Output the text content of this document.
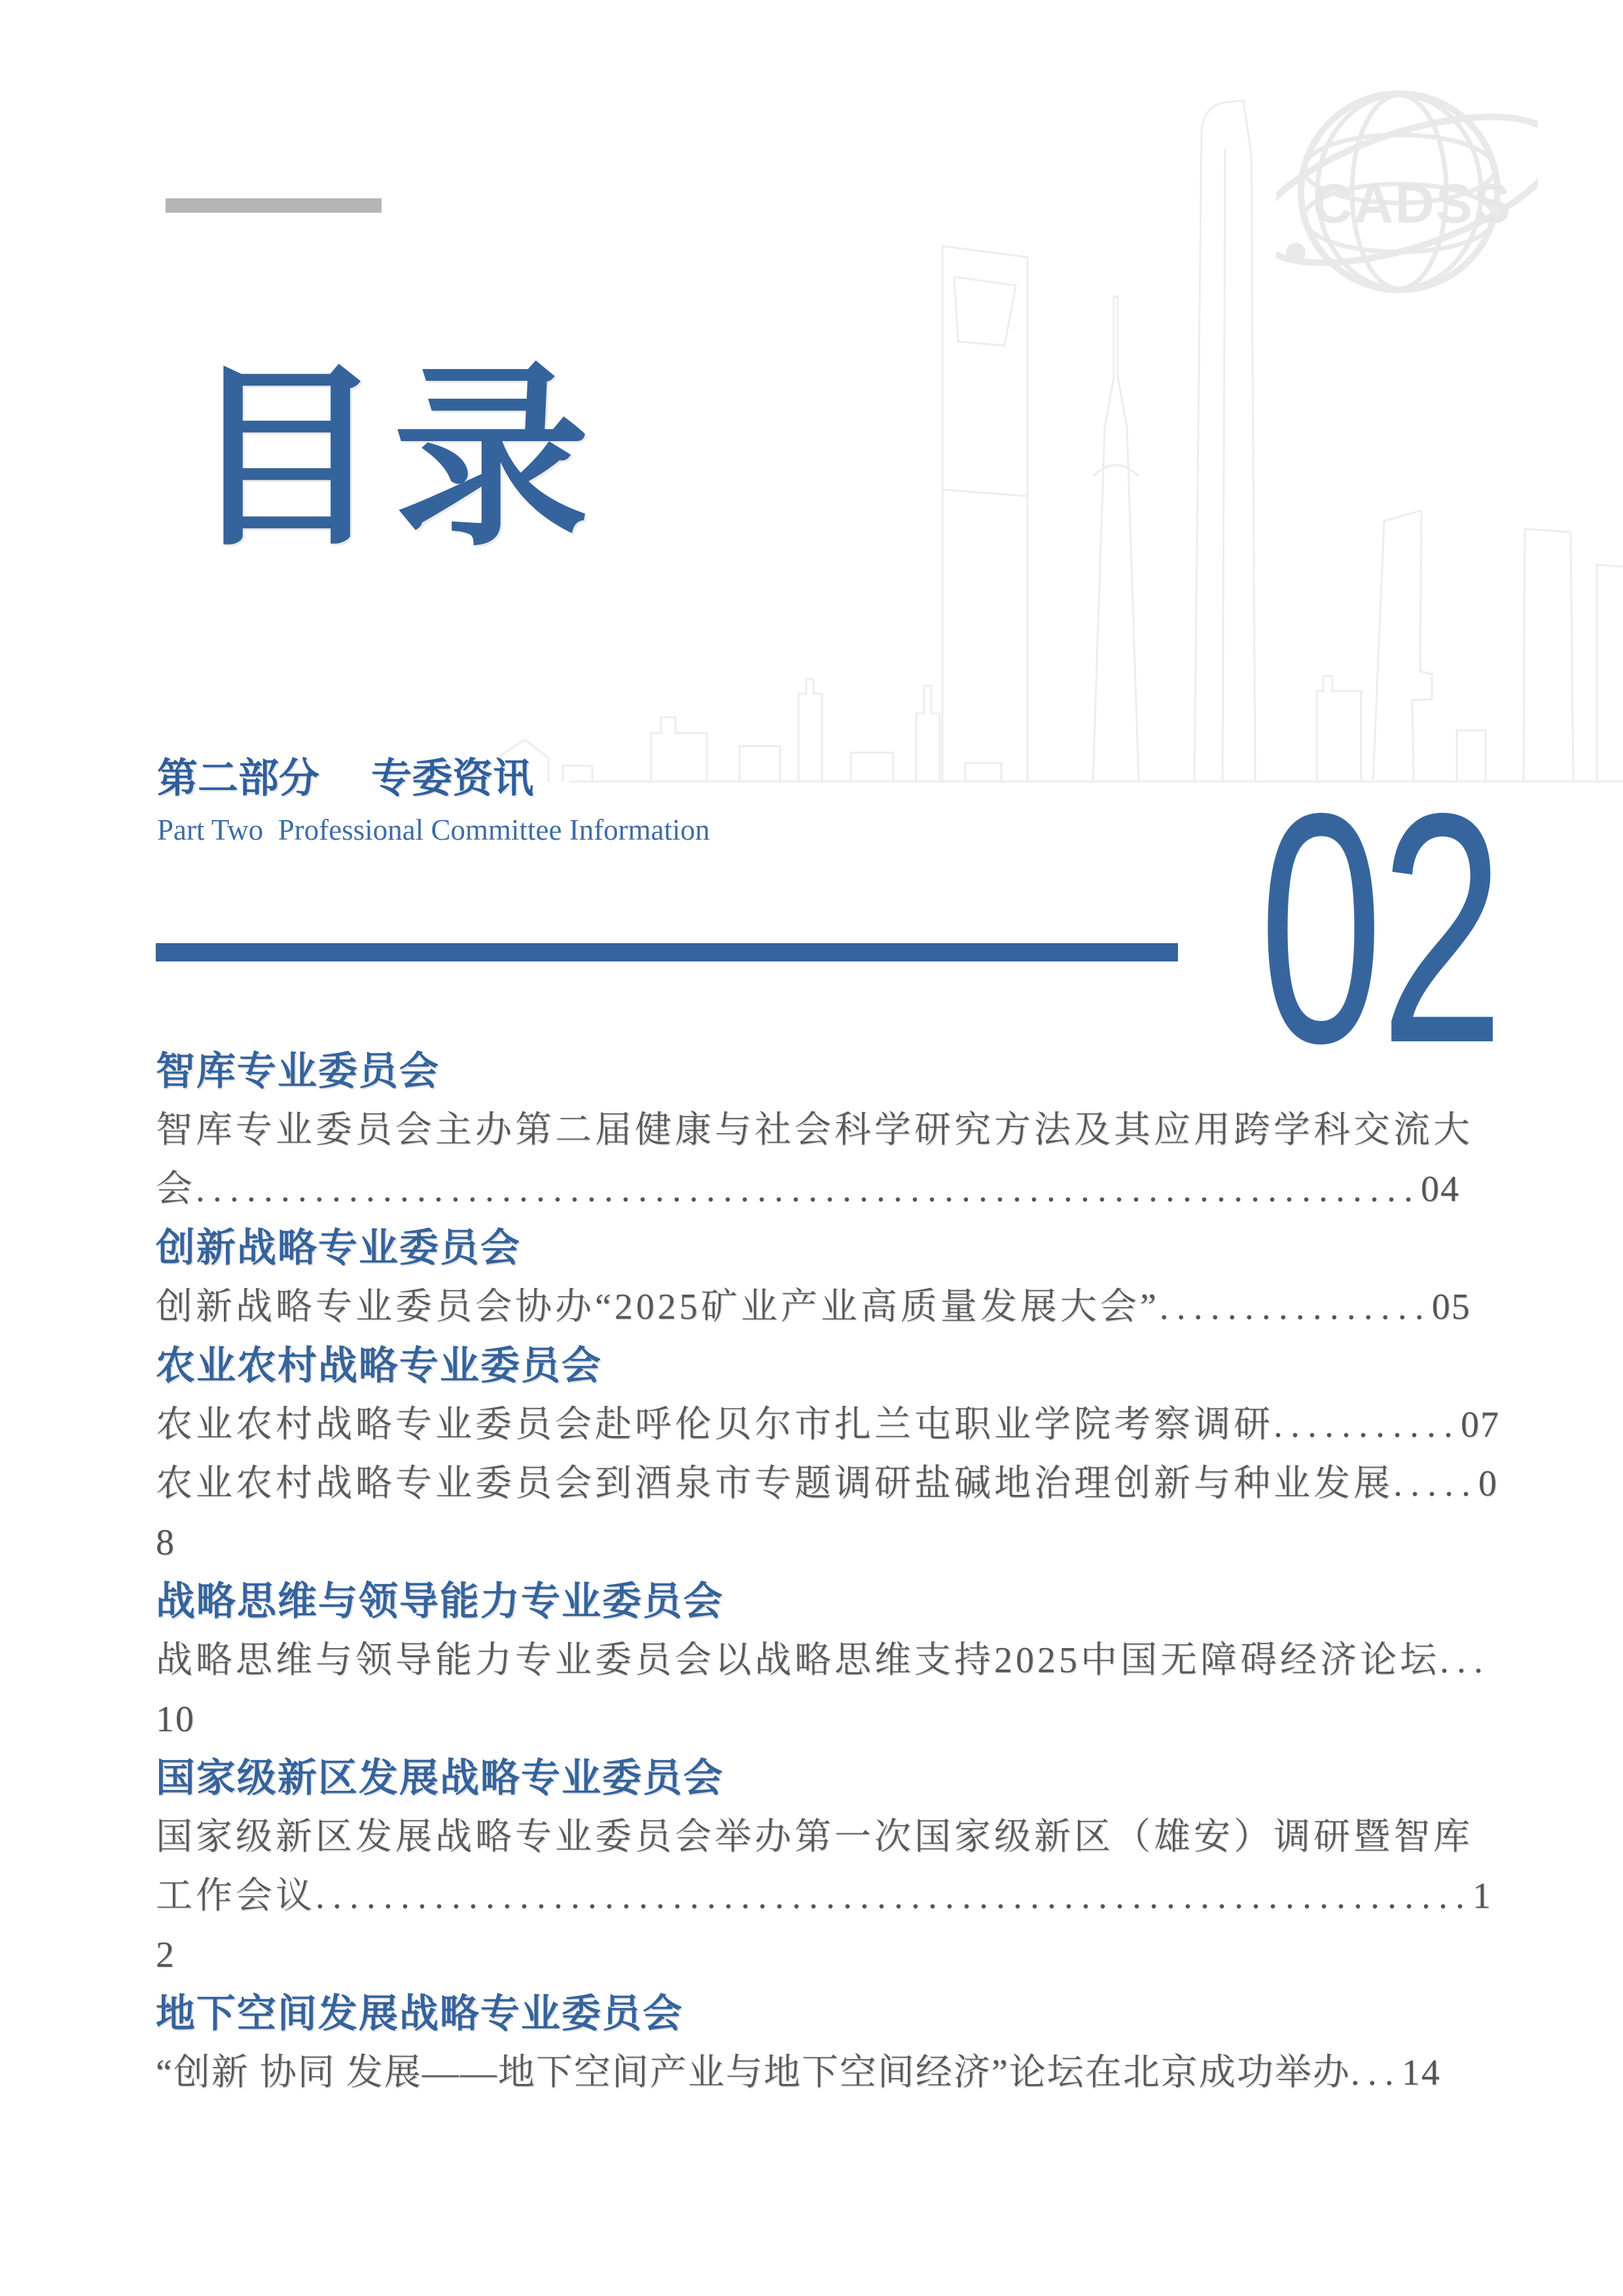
CADSS
目录
第二部分　 专委资讯
Part Two  Professional Committee Information 02
智库专业委员会
智库专业委员会主办第二届健康与社会科学研究方法及其应用跨学科交流大会........................................................................04
创新战略专业委员会
创新战略专业委员会协办“2025矿业产业高质量发展大会”................05
农业农村战略专业委员会
农业农村战略专业委员会赴呼伦贝尔市扎兰屯职业学院考察调研...........07
农业农村战略专业委员会到酒泉市专题调研盐碱地治理创新与种业发展.....08
战略思维与领导能力专业委员会
战略思维与领导能力专业委员会以战略思维支持2025中国无障碍经济论坛...10
国家级新区发展战略专业委员会
国家级新区发展战略专业委员会举办第一次国家级新区（雄安）调研暨智库工作会议....................................................................12
地下空间发展战略专业委员会
“创新 协同 发展——地下空间产业与地下空间经济”论坛在北京成功举办...14
